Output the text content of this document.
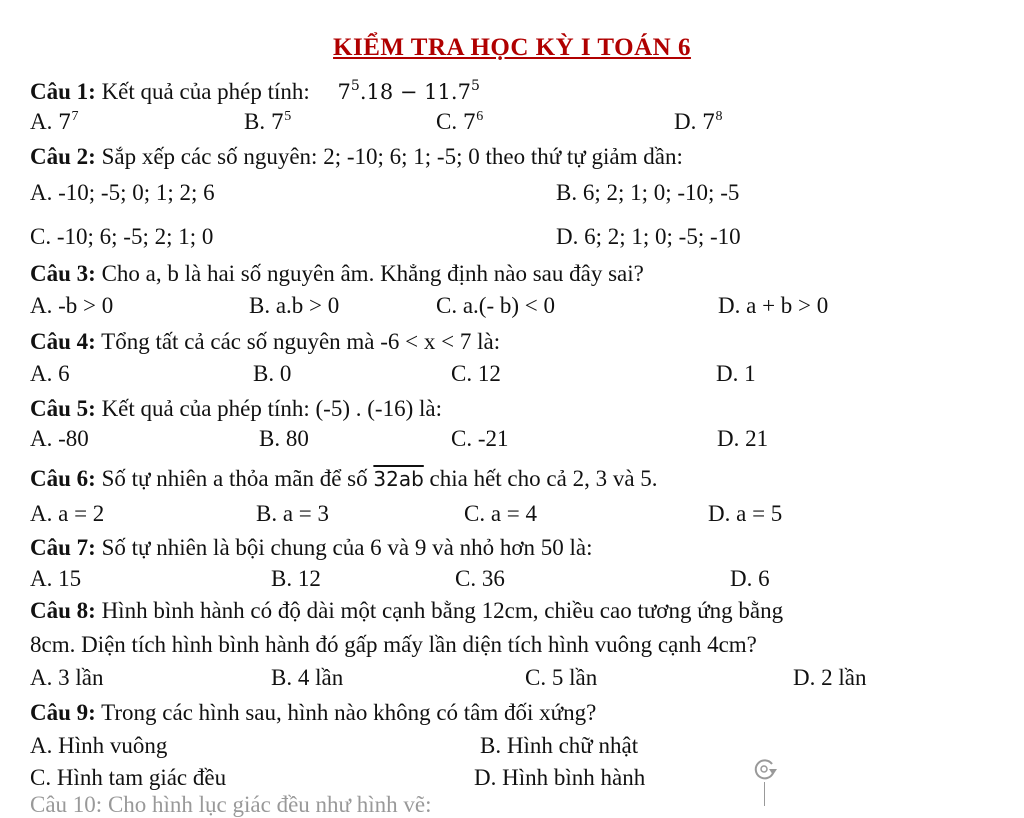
KIỂM TRA HỌC KỲ I TOÁN 6
Câu 1: Kết quả của phép tính: $7^5.18 - 11.7^5$
A. $7^7$	B. $7^5$	C. $7^6$	D. $7^8$
Câu 2: Sắp xếp các số nguyên: 2; -10; 6; 1; -5; 0 theo thứ tự giảm dần:
A. -10; -5; 0; 1; 2; 6	B. 6; 2; 1; 0; -10; -5
C. -10; 6; -5; 2; 1; 0	D. 6; 2; 1; 0; -5; -10
Câu 3: Cho a, b là hai số nguyên âm. Khẳng định nào sau đây sai?
A. -b > 0	B. a.b > 0	C. a.(- b) < 0	D. a + b > 0
Câu 4: Tổng tất cả các số nguyên mà -6 < x < 7 là:
A. 6	B. 0	C. 12	D. 1
Câu 5: Kết quả của phép tính: (-5) . (-16) là:
A. -80	B. 80	C. -21	D. 21
Câu 6: Số tự nhiên a thỏa mãn để số 32ab chia hết cho cả 2, 3 và 5.
A. a = 2	B. a = 3	C. a = 4	D. a = 5
Câu 7: Số tự nhiên là bội chung của 6 và 9 và nhỏ hơn 50 là:
A. 15	B. 12	C. 36	D. 6
Câu 8: Hình bình hành có độ dài một cạnh bằng 12cm, chiều cao tương ứng bằng
8cm. Diện tích hình bình hành đó gấp mấy lần diện tích hình vuông cạnh 4cm?
A. 3 lần	B. 4 lần	C. 5 lần	D. 2 lần
Câu 9: Trong các hình sau, hình nào không có tâm đối xứng?
A. Hình vuông	B. Hình chữ nhật
C. Hình tam giác đều	D. Hình bình hành
Câu 10: Cho hình lục giác đều như hình vẽ:
